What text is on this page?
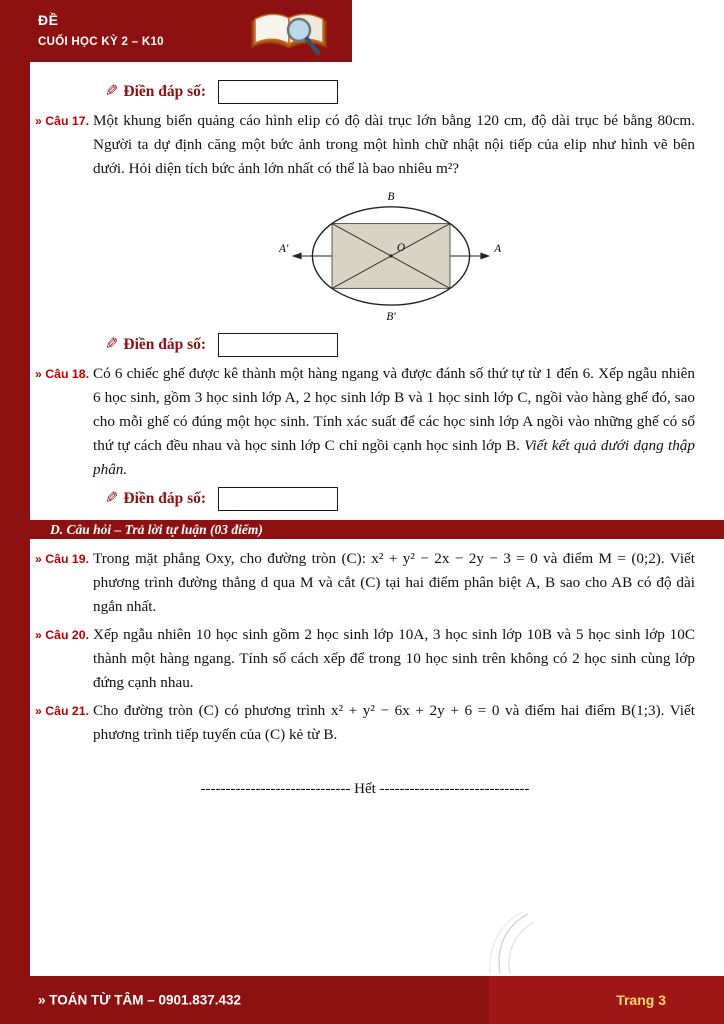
ĐỀ
CUỐI HỌC KỲ 2 – K10
✎ Điền đáp số:
» Câu 17. Một khung biển quảng cáo hình elip có độ dài trục lớn bằng 120 cm, độ dài trục bé bằng 80cm. Người ta dự định căng một bức ảnh trong một hình chữ nhật nội tiếp của elip như hình vẽ bên dưới. Hỏi diện tích bức ảnh lớn nhất có thể là bao nhiêu m²?
B
A′	O	A
B′
✎ Điền đáp số:
» Câu 18. Có 6 chiếc ghế được kê thành một hàng ngang và được đánh số thứ tự từ 1 đến 6. Xếp ngẫu nhiên 6 học sinh, gồm 3 học sinh lớp A, 2 học sinh lớp B và 1 học sinh lớp C, ngồi vào hàng ghế đó, sao cho mỗi ghế có đúng một học sinh. Tính xác suất để các học sinh lớp A ngồi vào những ghế có số thứ tự cách đều nhau và học sinh lớp C chỉ ngồi cạnh học sinh lớp B. Viết kết quả dưới dạng thập phân.
✎ Điền đáp số:
D. Câu hỏi – Trả lời tự luận (03 điểm)
» Câu 19. Trong mặt phẳng Oxy, cho đường tròn (C): x² + y² − 2x − 2y − 3 = 0 và điểm M = (0;2). Viết phương trình đường thẳng d qua M và cắt (C) tại hai điểm phân biệt A, B sao cho AB có độ dài ngắn nhất.
» Câu 20. Xếp ngẫu nhiên 10 học sinh gồm 2 học sinh lớp 10A, 3 học sinh lớp 10B và 5 học sinh lớp 10C thành một hàng ngang. Tính số cách xếp để trong 10 học sinh trên không có 2 học sinh cùng lớp đứng cạnh nhau.
» Câu 21. Cho đường tròn (C) có phương trình x² + y² − 6x + 2y + 6 = 0 và điểm hai điểm B(1;3). Viết phương trình tiếp tuyến của (C) kẻ từ B.
------------------------------ Hết ------------------------------
» TOÁN TỪ TÂM – 0901.837.432	Trang 3
